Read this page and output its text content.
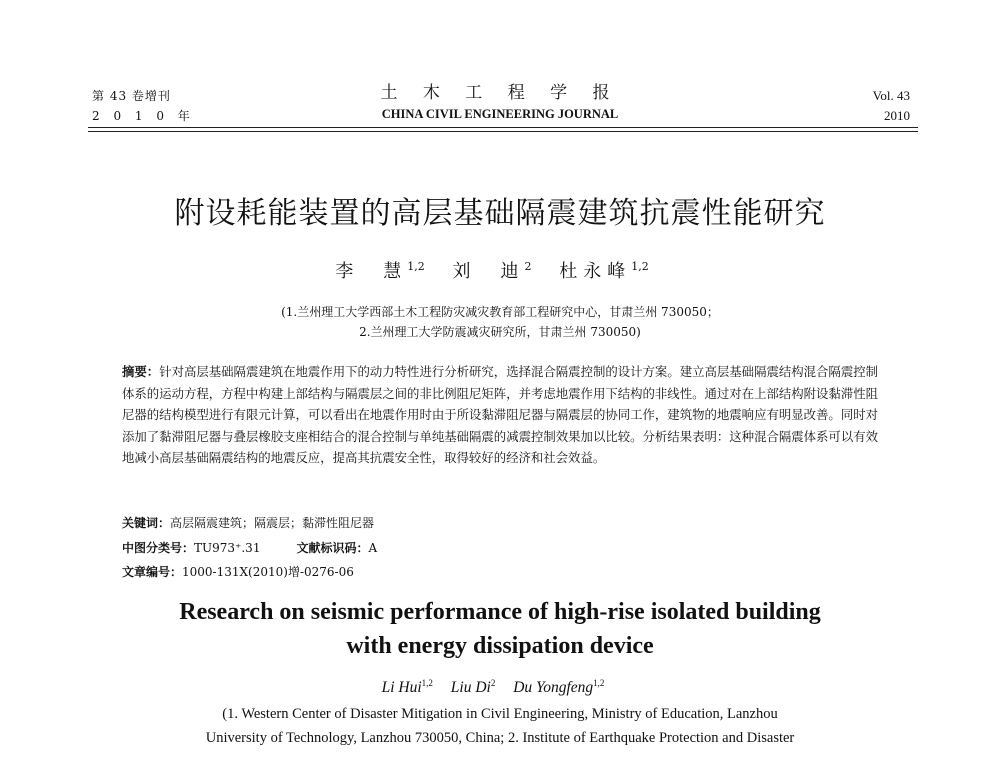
第 43 卷增刊
2 0 1 0 年
土 木 工 程 学 报
CHINA CIVIL ENGINEERING JOURNAL
Vol. 43
2010
附设耗能装置的高层基础隔震建筑抗震性能研究
李　慧$^{1,2}$ 刘　迪$^2$ 杜永峰$^{1,2}$
(1.兰州理工大学西部土木工程防灾减灾教育部工程研究中心，甘肃兰州 730050；
2.兰州理工大学防震减灾研究所，甘肃兰州 730050)
摘要：针对高层基础隔震建筑在地震作用下的动力特性进行分析研究，选择混合隔震控制的设计方案。建立高层基础隔震结构混合隔震控制体系的运动方程，方程中构建上部结构与隔震层之间的非比例阻尼矩阵，并考虑地震作用下结构的非线性。通过对在上部结构附设黏滞性阻尼器的结构模型进行有限元计算，可以看出在地震作用时由于所设黏滞阻尼器与隔震层的协同工作，建筑物的地震响应有明显改善。同时对添加了黏滞阻尼器与叠层橡胶支座相结合的混合控制与单纯基础隔震的减震控制效果加以比较。分析结果表明：这种混合隔震体系可以有效地减小高层基础隔震结构的地震反应，提高其抗震安全性，取得较好的经济和社会效益。
关键词：高层隔震建筑；隔震层；黏滞性阻尼器
中图分类号：TU973⁺.31	文献标识码：A
文章编号：1000-131X(2010)增-0276-06
Research on seismic performance of high-rise isolated building
with energy dissipation device
Li Hui$^{1,2}$ Liu Di$^2$ Du Yongfeng$^{1,2}$
(1. Western Center of Disaster Mitigation in Civil Engineering, Ministry of Education, Lanzhou
University of Technology, Lanzhou 730050, China; 2. Institute of Earthquake Protection and Disaster
